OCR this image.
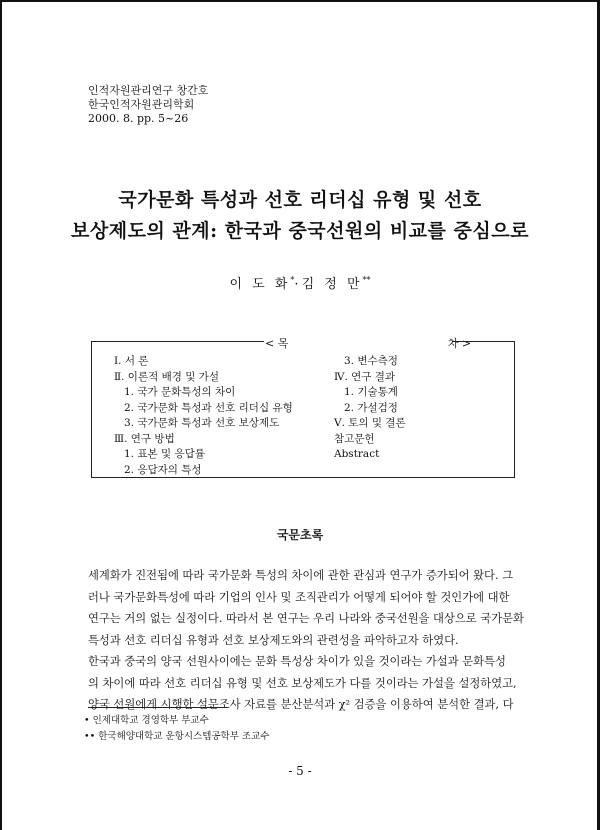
인적자원관리연구 창간호
한국인적자원관리학회
2000. 8. pp. 5~26
국가문화 특성과 선호 리더십 유형 및 선호
보상제도의 관계: 한국과 중국선원의 비교를 중심으로
이 도 화*·김 정 만**
< 목	차 >
Ⅰ. 서 론
Ⅱ. 이론적 배경 및 가설
1. 국가 문화특성의 차이
2. 국가문화 특성과 선호 리더십 유형
3. 국가문화 특성과 선호 보상제도
Ⅲ. 연구 방법
1. 표본 및 응답률
2. 응답자의 특성
3. 변수측정
Ⅳ. 연구 결과
1. 기술통계
2. 가설검정
Ⅴ. 토의 및 결론
참고문헌
Abstract
국문초록

세계화가 진전됨에 따라 국가문화 특성의 차이에 관한 관심과 연구가 증가되어 왔다. 그

러나 국가문화특성에 따라 기업의 인사 및 조직관리가 어떻게 되어야 할 것인가에 대한

연구는 거의 없는 실정이다. 따라서 본 연구는 우리 나라와 중국선원을 대상으로 국가문화

특성과 선호 리더십 유형과 선호 보상제도와의 관련성을 파악하고자 하였다.

한국과 중국의 양국 선원사이에는 문화 특성상 차이가 있을 것이라는 가설과 문화특성

의 차이에 따라 선호 리더십 유형 및 선호 보상제도가 다를 것이라는 가설을 설정하였고,

양국 선원에게 시행한 설문조사 자료를 분산분석과 χ² 검증을 이용하여 분석한 결과, 다

• 인제대학교 경영학부 부교수
•• 한국해양대학교 운항시스템공학부 조교수
- 5 -
